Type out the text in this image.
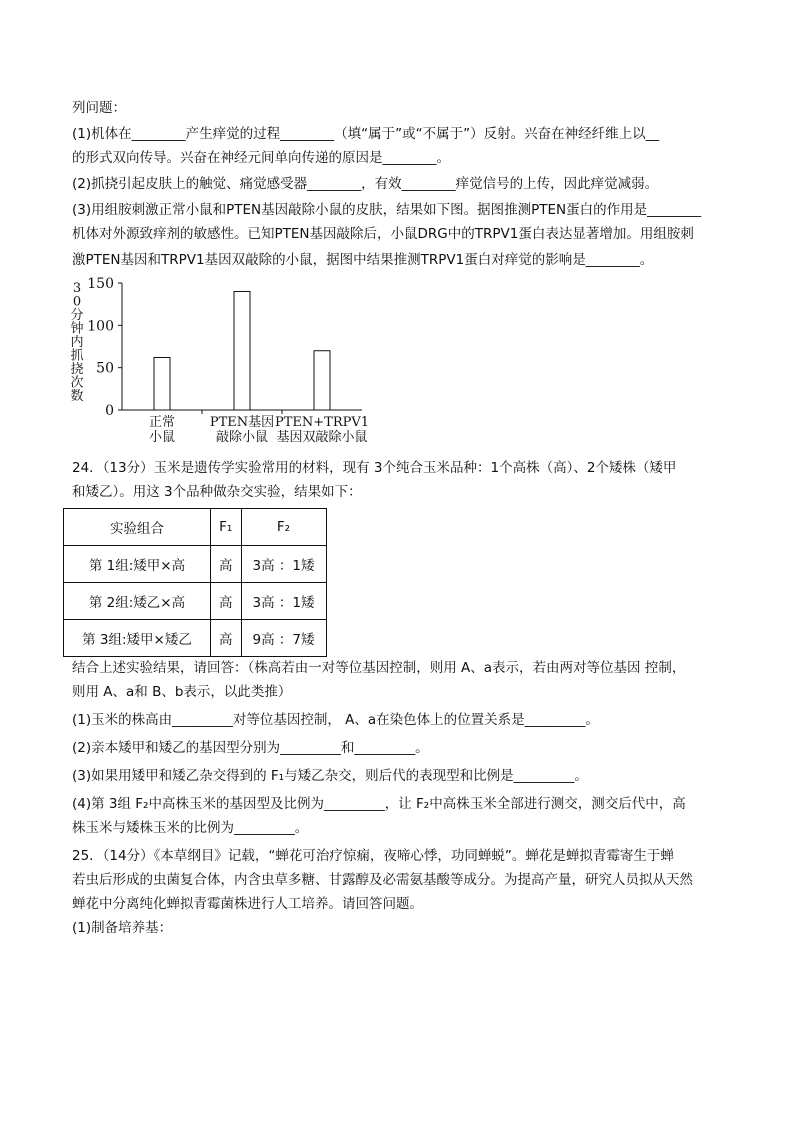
列问题：
(1)机体在________产生痒觉的过程________（填“属于”或“不属于”）反射。兴奋在神经纤维上以__
的形式双向传导。兴奋在神经元间单向传递的原因是________。
(2)抓挠引起皮肤上的触觉、痛觉感受器________，有效________痒觉信号的上传，因此痒觉减弱。
(3)用组胺刺激正常小鼠和PTEN基因敲除小鼠的皮肤，结果如下图。据图推测PTEN蛋白的作用是________
机体对外源致痒剂的敏感性。已知PTEN基因敲除后，小鼠DRG中的TRPV1蛋白表达显著增加。用组胺刺
激PTEN基因和TRPV1基因双敲除的小鼠，据图中结果推测TRPV1蛋白对痒觉的影响是________。
0
50
100
150
正常
小鼠
PTEN基因
敲除小鼠
PTEN+TRPV1
基因双敲除小鼠
3
0
分
钟
内
抓
挠
次
数
24．（13分）玉米是遗传学实验常用的材料，现有 3个纯合玉米品种：1个高株（高）、2个矮株（矮甲
和矮乙）。用这 3个品种做杂交实验，结果如下：
实验组合	F₁	F₂
第 1组:矮甲×高	高	3高 ：1矮
第 2组:矮乙×高	高	3高 ：1矮
第 3组:矮甲×矮乙	高	9高 ：7矮
结合上述实验结果，请回答：（株高若由一对等位基因控制，则用 A、a表示，若由两对等位基因 控制，
则用 A、a和 B、b表示，以此类推）
(1)玉米的株高由_________对等位基因控制， A、a在染色体上的位置关系是_________。
(2)亲本矮甲和矮乙的基因型分别为_________和_________。
(3)如果用矮甲和矮乙杂交得到的 F₁与矮乙杂交，则后代的表现型和比例是_________。
(4)第 3组 F₂中高株玉米的基因型及比例为_________，让 F₂中高株玉米全部进行测交，测交后代中，高
株玉米与矮株玉米的比例为_________。
25．（14分）《本草纲目》记载，“蝉花可治疗惊痫，夜啼心悸，功同蝉蜕”。蝉花是蝉拟青霉寄生于蝉
若虫后形成的虫菌复合体，内含虫草多糖、甘露醇及必需氨基酸等成分。为提高产量，研究人员拟从天然
蝉花中分离纯化蝉拟青霉菌株进行人工培养。请回答问题。
(1)制备培养基：
